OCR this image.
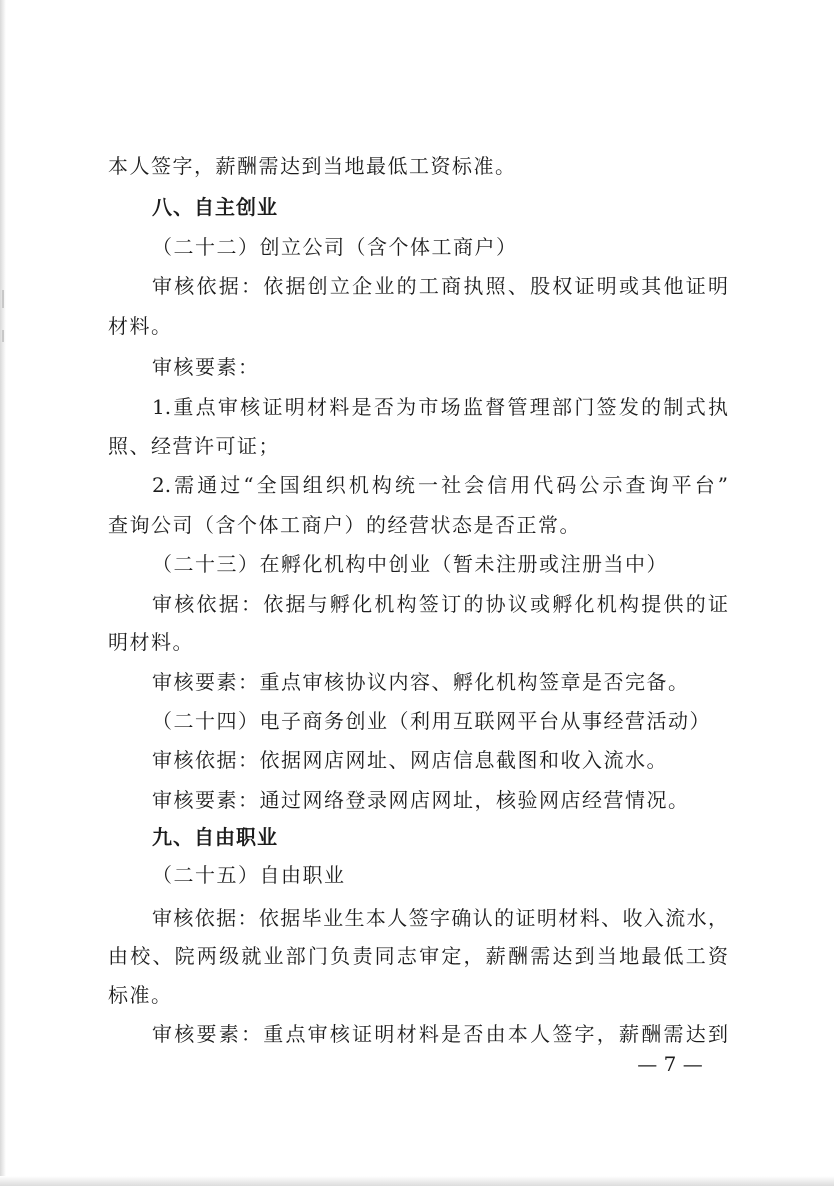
本人签字，薪酬需达到当地最低工资标准。

八、自主创业

（二十二）创立公司（含个体工商户）

审核依据：依据创立企业的工商执照、股权证明或其他证明

材料。

审核要素：

1.重点审核证明材料是否为市场监督管理部门签发的制式执

照、经营许可证；

2.需通过“全国组织机构统一社会信用代码公示查询平台”

查询公司（含个体工商户）的经营状态是否正常。

（二十三）在孵化机构中创业（暂未注册或注册当中）

审核依据：依据与孵化机构签订的协议或孵化机构提供的证

明材料。

审核要素：重点审核协议内容、孵化机构签章是否完备。

（二十四）电子商务创业（利用互联网平台从事经营活动）

审核依据：依据网店网址、网店信息截图和收入流水。

审核要素：通过网络登录网店网址，核验网店经营情况。

九、自由职业

（二十五）自由职业

审核依据：依据毕业生本人签字确认的证明材料、收入流水，

由校、院两级就业部门负责同志审定，薪酬需达到当地最低工资

标准。

审核要素：重点审核证明材料是否由本人签字，薪酬需达到

— 7 —
